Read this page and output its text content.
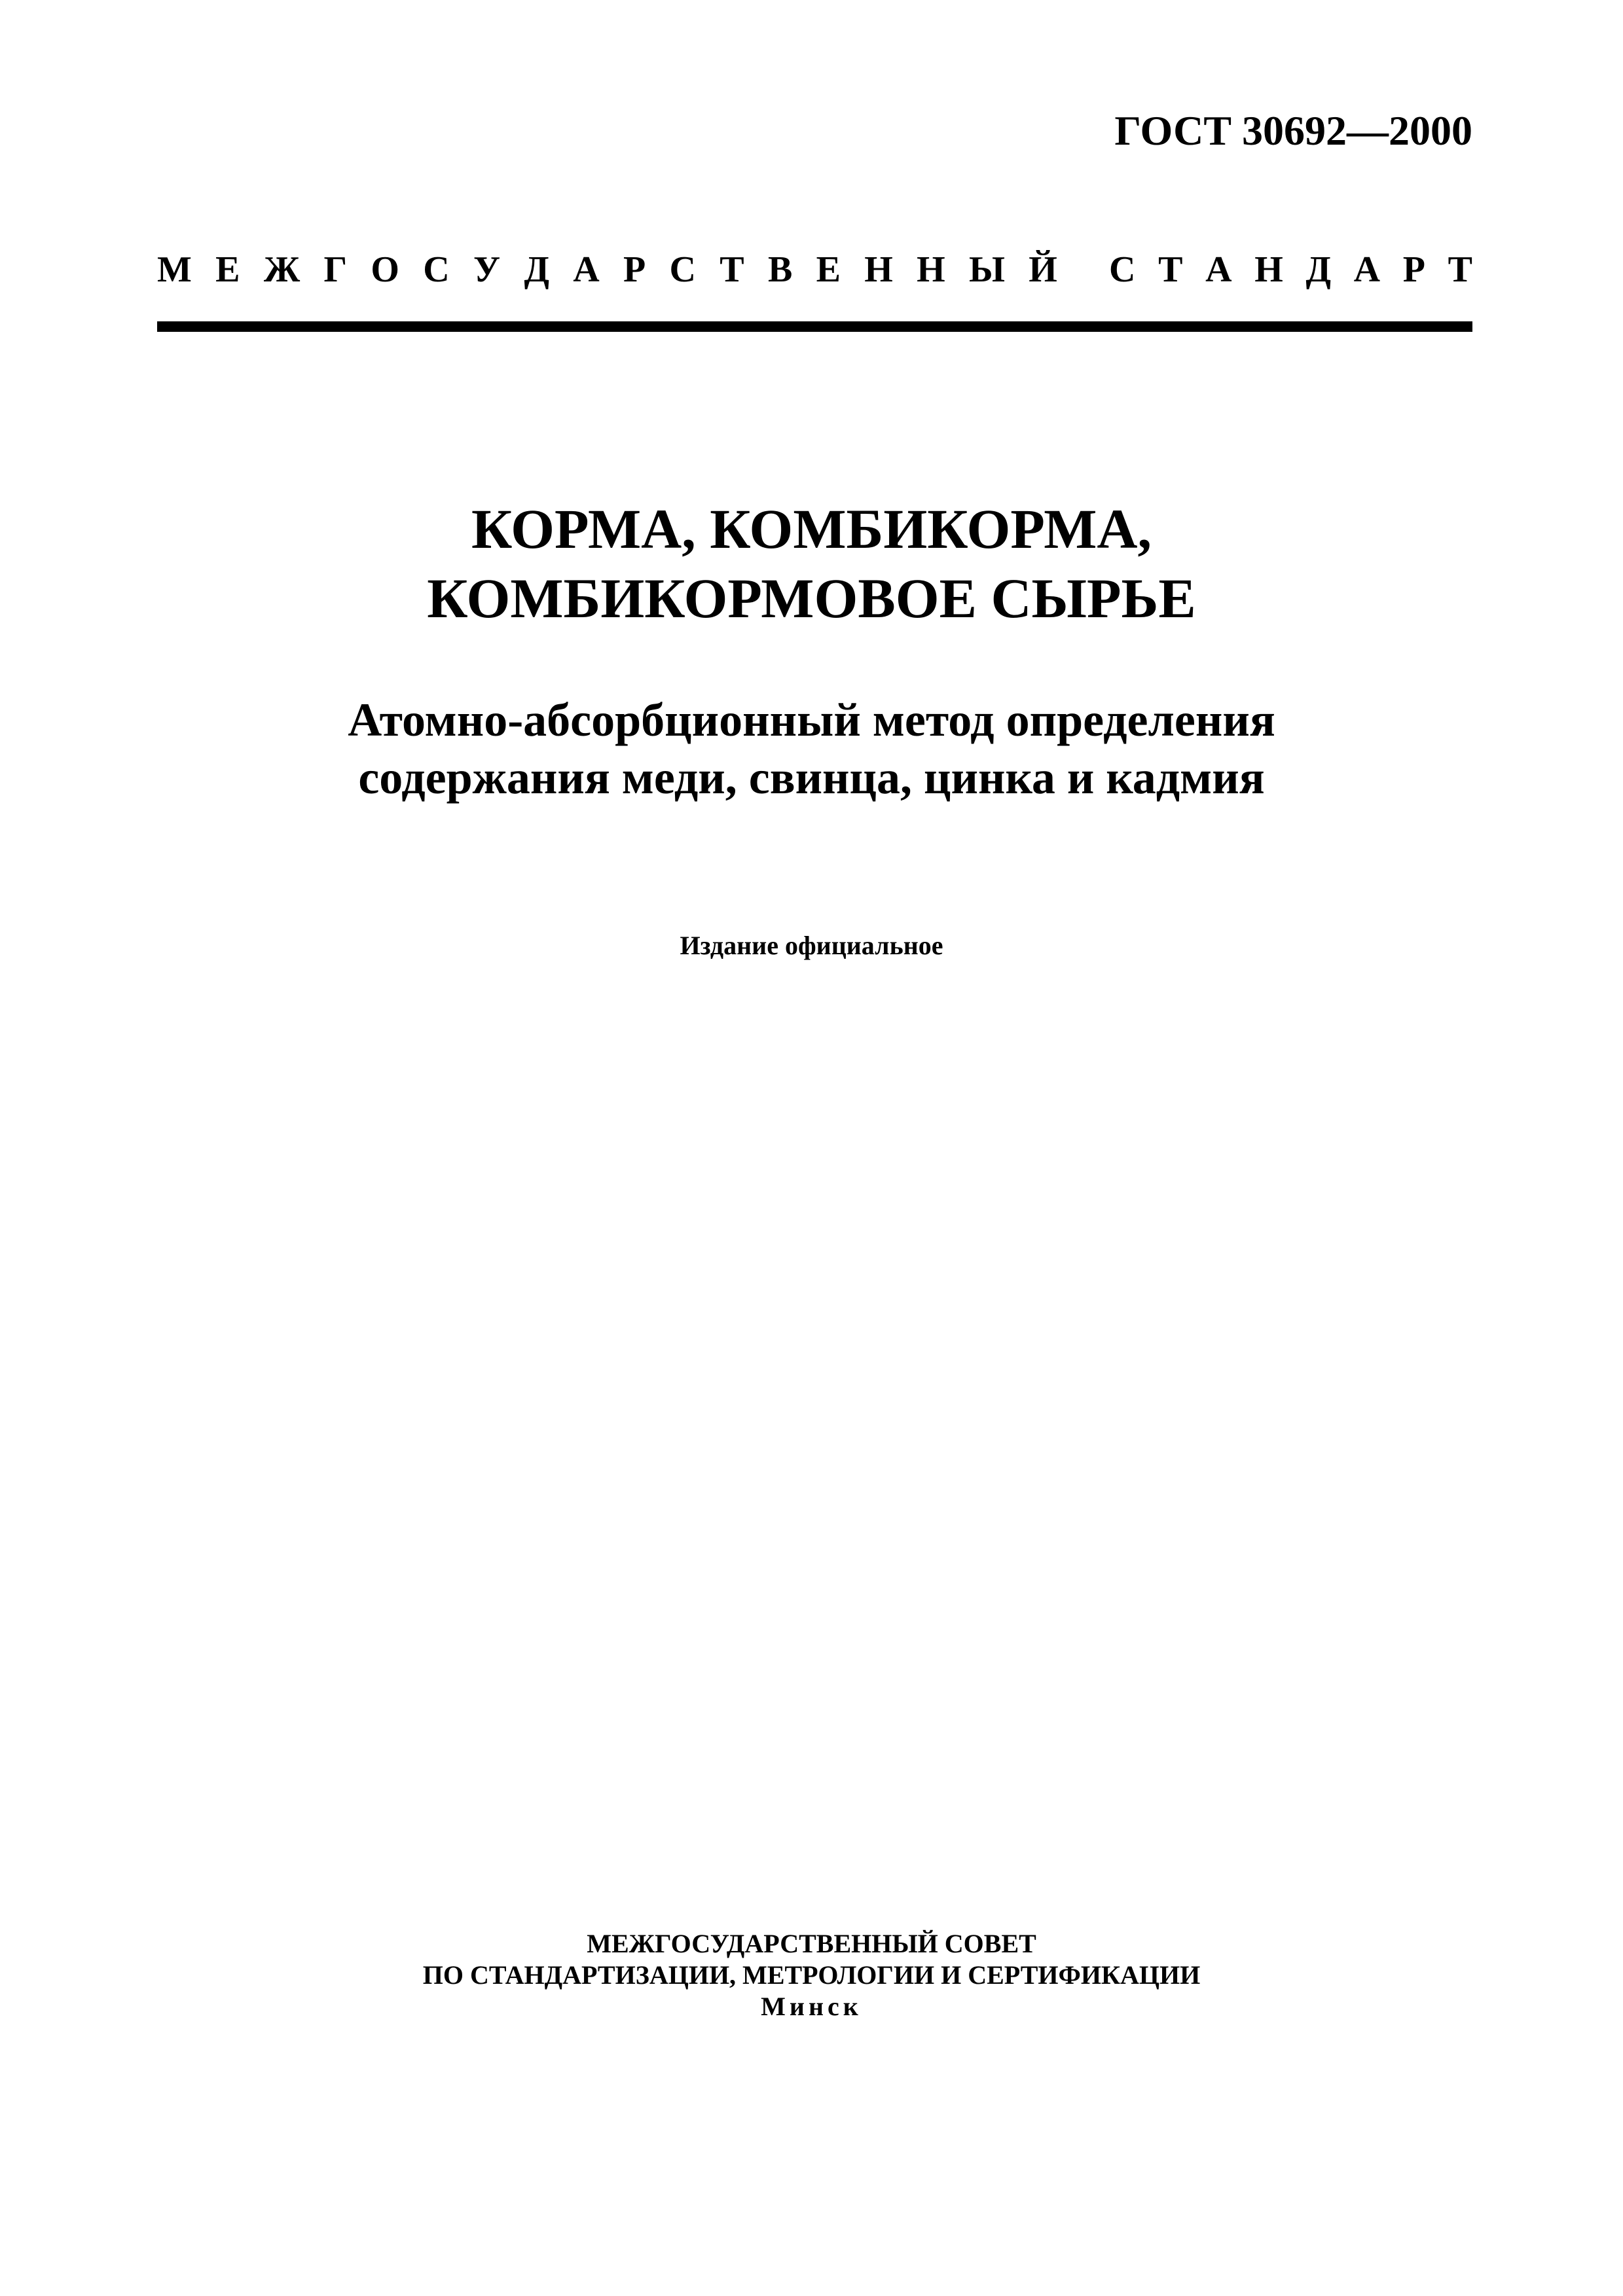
ГОСТ 30692—2000
М Е Ж Г О С У Д А Р С Т В Е Н Н Ы Й С Т А Н Д А Р Т
КОРМА, КОМБИКОРМА,
КОМБИКОРМОВОЕ СЫРЬЕ
Атомно-абсорбционный метод определения
содержания меди, свинца, цинка и кадмия
Издание официальное
МЕЖГОСУДАРСТВЕННЫЙ СОВЕТ
ПО СТАНДАРТИЗАЦИИ, МЕТРОЛОГИИ И СЕРТИФИКАЦИИ
Минск
